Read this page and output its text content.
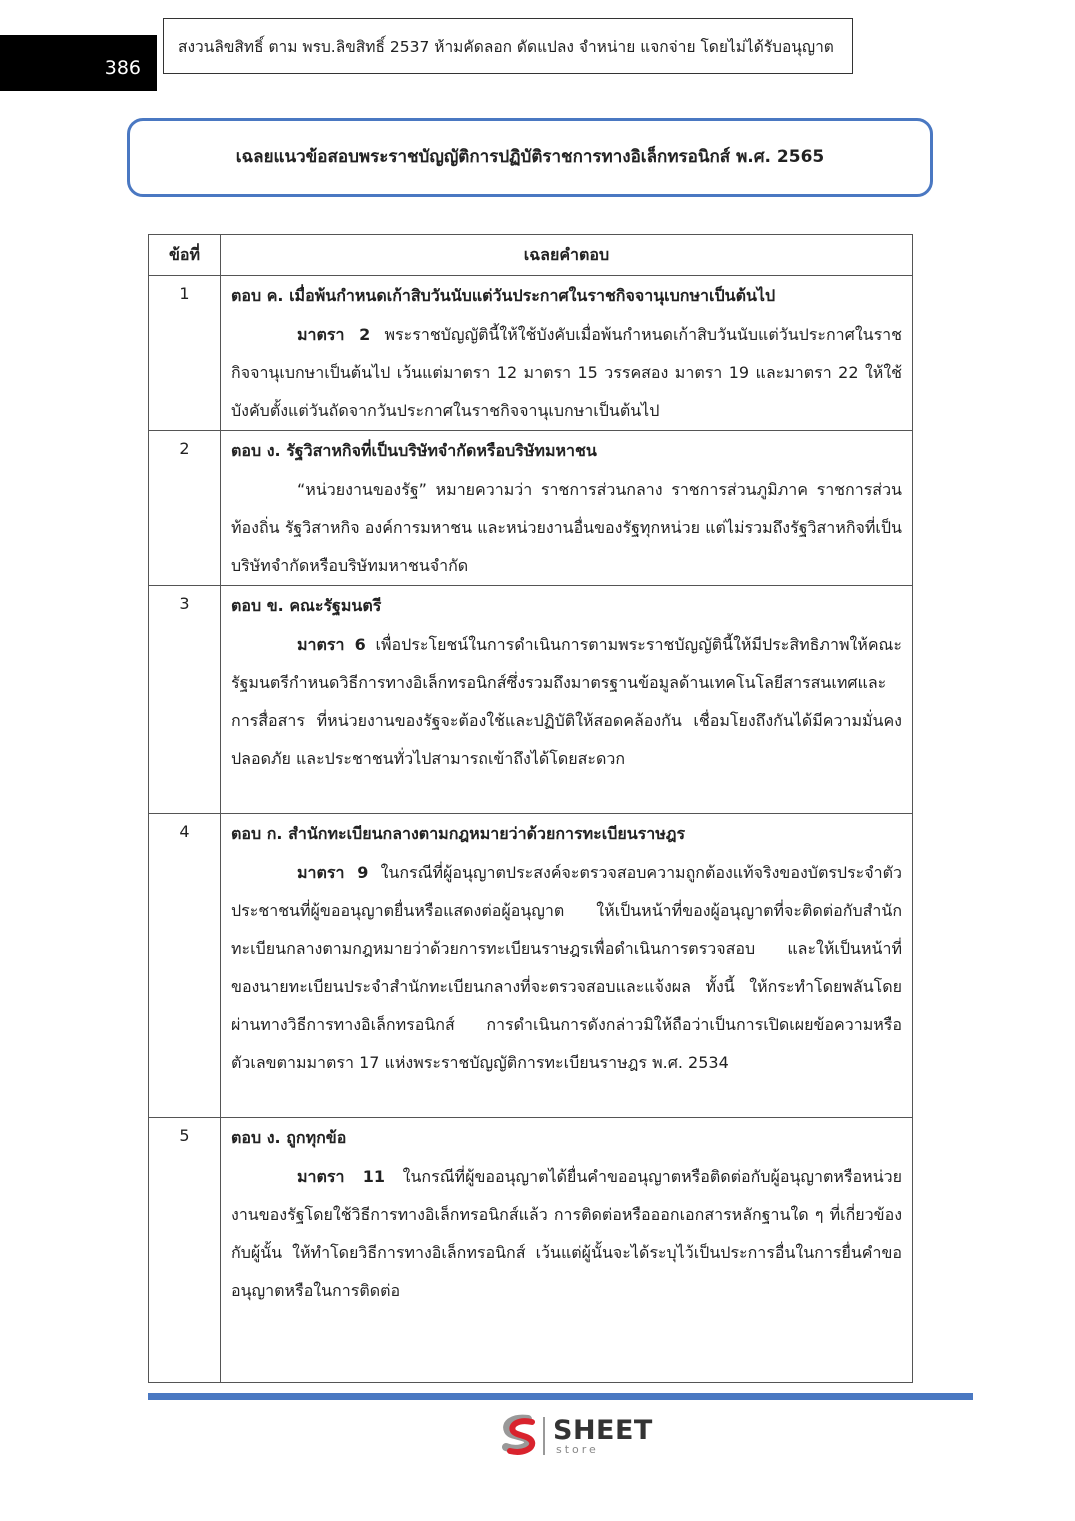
386
สงวนลิขสิทธิ์ ตาม พรบ.ลิขสิทธิ์ 2537 ห้ามคัดลอก ดัดแปลง จำหน่าย แจกจ่าย โดยไม่ได้รับอนุญาต
เฉลยแนวข้อสอบพระราชบัญญัติการปฏิบัติราชการทางอิเล็กทรอนิกส์ พ.ศ. 2565
ข้อที่	เฉลยคำตอบ
1	ตอบ ค. เมื่อพ้นกำหนดเก้าสิบวันนับแต่วันประกาศในราชกิจจานุเบกษาเป็นต้นไป
มาตรา 2 พระราชบัญญัตินี้ให้ใช้บังคับเมื่อพ้นกำหนดเก้าสิบวันนับแต่วันประกาศในราชกิจจานุเบกษาเป็นต้นไป เว้นแต่มาตรา 12 มาตรา 15 วรรคสอง มาตรา 19 และมาตรา 22 ให้ใช้บังคับตั้งแต่วันถัดจากวันประกาศในราชกิจจานุเบกษาเป็นต้นไป

2	ตอบ ง. รัฐวิสาหกิจที่เป็นบริษัทจำกัดหรือบริษัทมหาชน
“หน่วยงานของรัฐ” หมายความว่า ราชการส่วนกลาง ราชการส่วนภูมิภาค ราชการส่วนท้องถิ่น รัฐวิสาหกิจ องค์การมหาชน และหน่วยงานอื่นของรัฐทุกหน่วย แต่ไม่รวมถึงรัฐวิสาหกิจที่เป็นบริษัทจำกัดหรือบริษัทมหาชนจำกัด

3	ตอบ ข. คณะรัฐมนตรี
มาตรา 6 เพื่อประโยชน์ในการดำเนินการตามพระราชบัญญัตินี้ให้มีประสิทธิภาพให้คณะรัฐมนตรีกำหนดวิธีการทางอิเล็กทรอนิกส์ซึ่งรวมถึงมาตรฐานข้อมูลด้านเทคโนโลยีสารสนเทศและการสื่อสาร ที่หน่วยงานของรัฐจะต้องใช้และปฏิบัติให้สอดคล้องกัน เชื่อมโยงถึงกันได้มีความมั่นคงปลอดภัย และประชาชนทั่วไปสามารถเข้าถึงได้โดยสะดวก

4	ตอบ ก. สำนักทะเบียนกลางตามกฎหมายว่าด้วยการทะเบียนราษฎร
มาตรา 9 ในกรณีที่ผู้อนุญาตประสงค์จะตรวจสอบความถูกต้องแท้จริงของบัตรประจำตัวประชาชนที่ผู้ขออนุญาตยื่นหรือแสดงต่อผู้อนุญาต ให้เป็นหน้าที่ของผู้อนุญาตที่จะติดต่อกับสำนักทะเบียนกลางตามกฎหมายว่าด้วยการทะเบียนราษฎรเพื่อดำเนินการตรวจสอบ และให้เป็นหน้าที่ของนายทะเบียนประจำสำนักทะเบียนกลางที่จะตรวจสอบและแจ้งผล ทั้งนี้ ให้กระทำโดยพลันโดยผ่านทางวิธีการทางอิเล็กทรอนิกส์ การดำเนินการดังกล่าวมิให้ถือว่าเป็นการเปิดเผยข้อความหรือตัวเลขตามมาตรา 17 แห่งพระราชบัญญัติการทะเบียนราษฎร พ.ศ. 2534

5	ตอบ ง. ถูกทุกข้อ
มาตรา 11 ในกรณีที่ผู้ขออนุญาตได้ยื่นคำขออนุญาตหรือติดต่อกับผู้อนุญาตหรือหน่วยงานของรัฐโดยใช้วิธีการทางอิเล็กทรอนิกส์แล้ว การติดต่อหรือออกเอกสารหลักฐานใด ๆ ที่เกี่ยวข้องกับผู้นั้น ให้ทำโดยวิธีการทางอิเล็กทรอนิกส์ เว้นแต่ผู้นั้นจะได้ระบุไว้เป็นประการอื่นในการยื่นคำขออนุญาตหรือในการติดต่อ
SHEET
store
